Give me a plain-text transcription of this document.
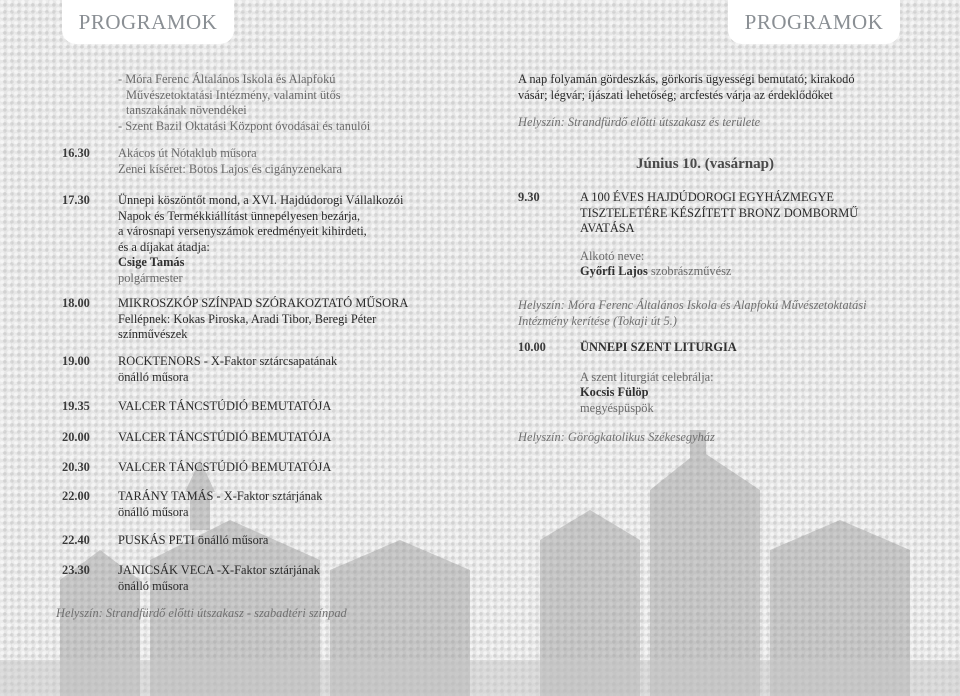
PROGRAMOK	PROGRAMOK
- Móra Ferenc Általános Iskola és Alapfokú
Művészetoktatási Intézmény, valamint ütős
tanszakának növendékei
- Szent Bazil Oktatási Központ óvodásai és tanulói
16.30 Akácos út Nótaklub műsora
Zenei kíséret: Botos Lajos és cigányzenekara
17.30 Ünnepi köszöntőt mond, a XVI. Hajdúdorogi Vállalkozói
Napok és Termékkiállítást ünnepélyesen bezárja,
a városnapi versenyszámok eredményeit kihirdeti,
és a díjakat átadja:
Csige Tamás
polgármester
18.00 MIKROSZKÓP SZÍNPAD SZÓRAKOZTATÓ MŰSORA
Fellépnek: Kokas Piroska, Aradi Tibor, Beregi Péter
színművészek
19.00 ROCKTENORS - X-Faktor sztárcsapatának
önálló műsora
19.35 VALCER TÁNCSTÚDIÓ BEMUTATÓJA
20.00 VALCER TÁNCSTÚDIÓ BEMUTATÓJA
20.30 VALCER TÁNCSTÚDIÓ BEMUTATÓJA
22.00 TARÁNY TAMÁS - X-Faktor sztárjának
önálló műsora
22.40 PUSKÁS PETI önálló műsora
23.30 JANICSÁK VECA -X-Faktor sztárjának
önálló műsora
Helyszín: Strandfürdő előtti útszakasz - szabadtéri színpad
A nap folyamán gördeszkás, görkoris ügyességi bemutató; kirakodó
vásár; légvár; íjászati lehetőség; arcfestés várja az érdeklődőket
Helyszín: Strandfürdő előtti útszakasz és területe
Június 10. (vasárnap)
9.30	A 100 ÉVES HAJDÚDOROGI EGYHÁZMEGYE
TISZTELETÉRE KÉSZÍTETT BRONZ DOMBORMŰ
AVATÁSA
Alkotó neve:
Győrfi Lajos szobrászművész
Helyszín: Móra Ferenc Általános Iskola és Alapfokú Művészetoktatási
Intézmény kerítése (Tokaji út 5.)
10.00	ÜNNEPI SZENT LITURGIA
A szent liturgiát celebrálja:
Kocsis Fülöp
megyéspüspök
Helyszín: Görögkatolikus Székesegyház
